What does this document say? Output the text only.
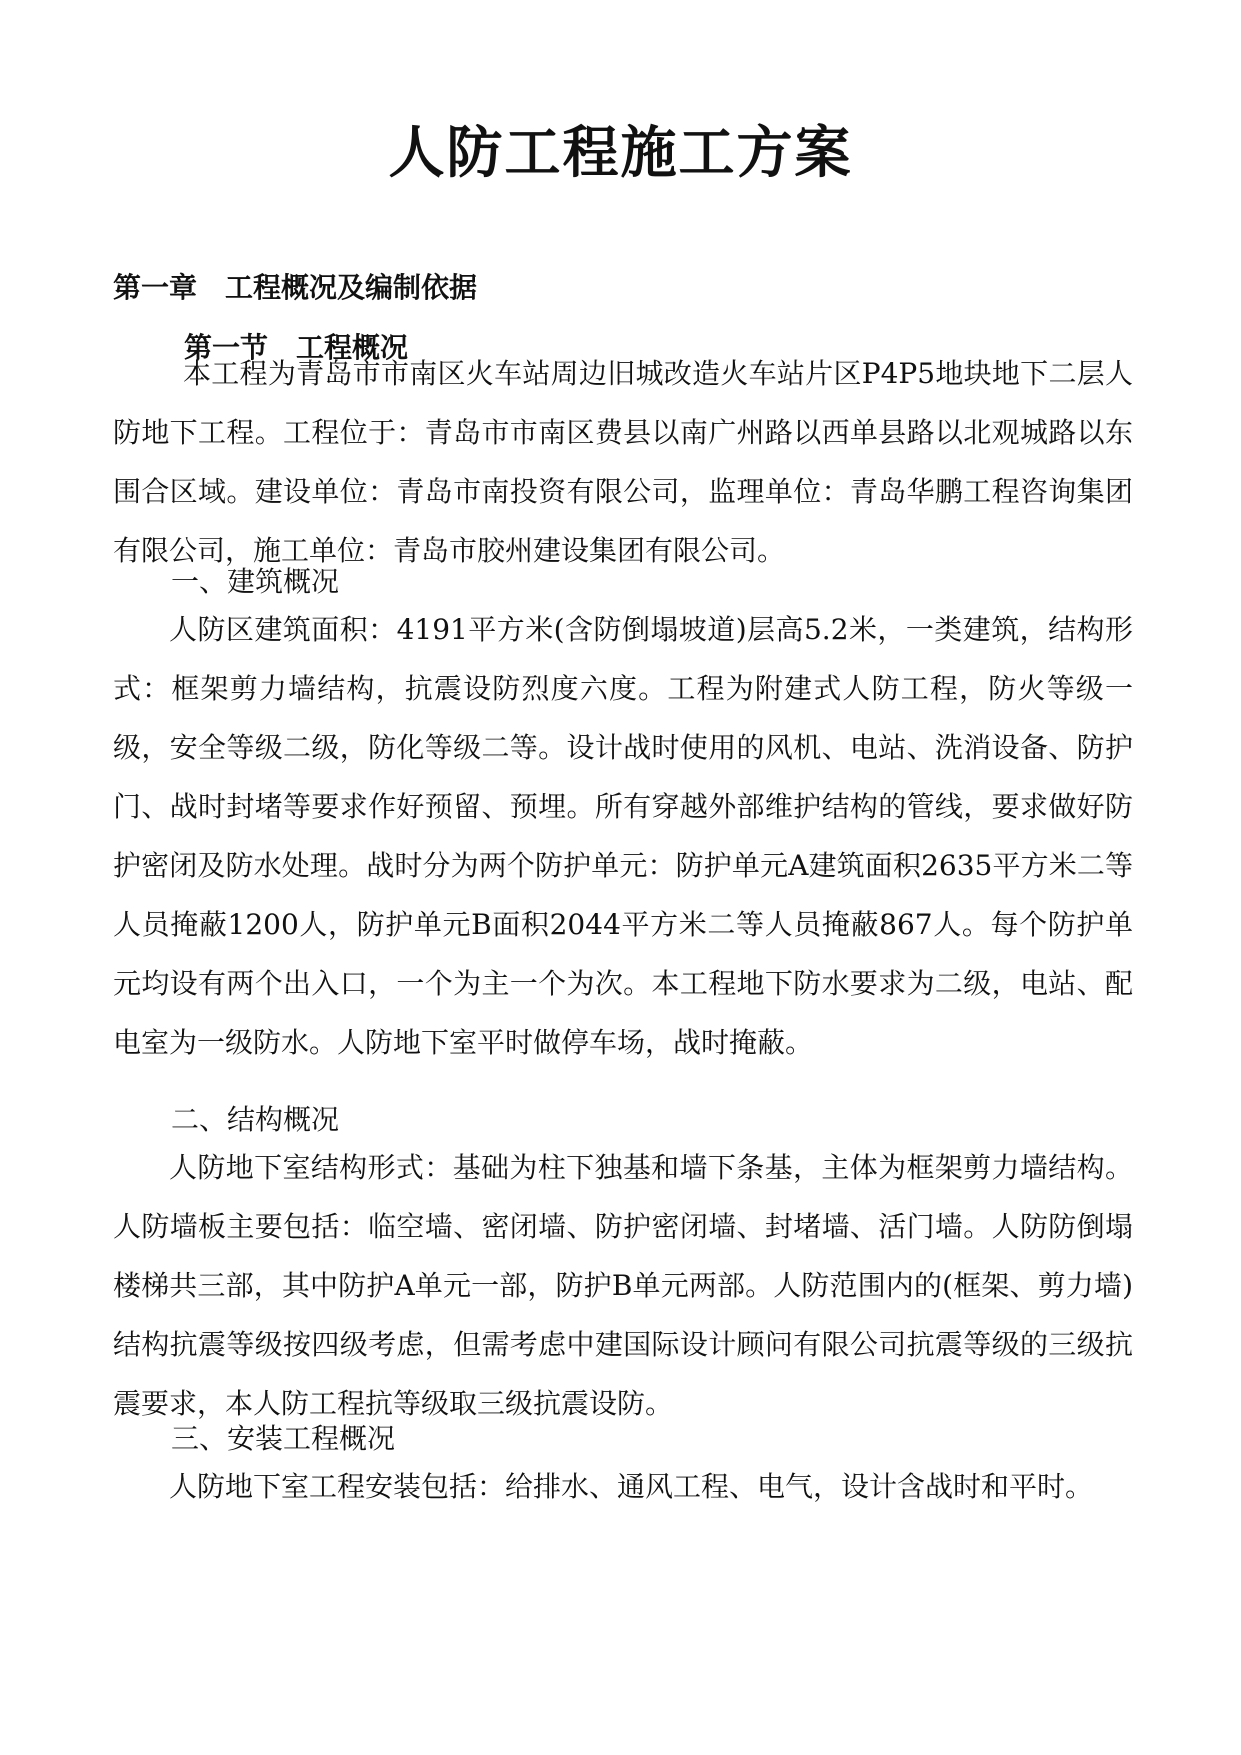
人防工程施工方案
第一章　工程概况及编制依据
第一节　工程概况

本工程为青岛市市南区火车站周边旧城改造火车站片区P4P5地块地下二层人防地下工程。工程位于：青岛市市南区费县以南广州路以西单县路以北观城路以东围合区域。建设单位：青岛市南投资有限公司，监理单位：青岛华鹏工程咨询集团有限公司，施工单位：青岛市胶州建设集团有限公司。

一、建筑概况

人防区建筑面积：4191平方米(含防倒塌坡道)层高5.2米，一类建筑，结构形式：框架剪力墙结构，抗震设防烈度六度。工程为附建式人防工程，防火等级一级，安全等级二级，防化等级二等。设计战时使用的风机、电站、洗消设备、防护门、战时封堵等要求作好预留、预埋。所有穿越外部维护结构的管线，要求做好防护密闭及防水处理。战时分为两个防护单元：防护单元A建筑面积2635平方米二等人员掩蔽1200人，防护单元B面积2044平方米二等人员掩蔽867人。每个防护单元均设有两个出入口，一个为主一个为次。本工程地下防水要求为二级，电站、配电室为一级防水。人防地下室平时做停车场，战时掩蔽。

二、结构概况

人防地下室结构形式：基础为柱下独基和墙下条基，主体为框架剪力墙结构。人防墙板主要包括：临空墙、密闭墙、防护密闭墙、封堵墙、活门墙。人防防倒塌楼梯共三部，其中防护A单元一部，防护B单元两部。人防范围内的(框架、剪力墙)结构抗震等级按四级考虑，但需考虑中建国际设计顾问有限公司抗震等级的三级抗震要求，本人防工程抗等级取三级抗震设防。

三、安装工程概况

人防地下室工程安装包括：给排水、通风工程、电气，设计含战时和平时。
